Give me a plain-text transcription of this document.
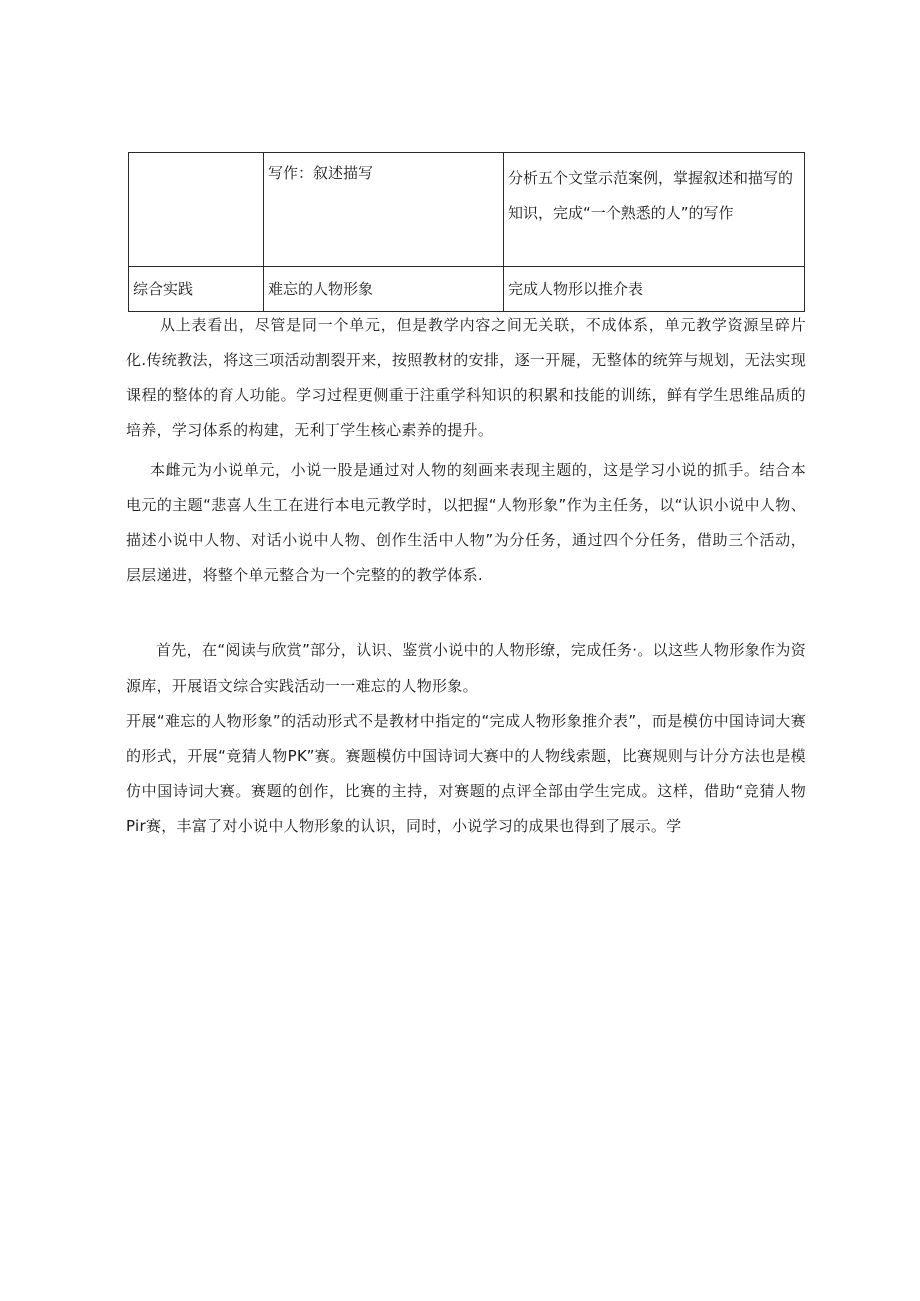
	写作：叙述描写	分析五个文堂示范案例，掌握叙述和描写的知识，完成“一个熟悉的人”的写作
综合实践	难忘的人物形象	完成人物形以推介表

从上表看出，尽管是同一个单元，但是教学内容之间无关联，不成体系，单元教学资源呈碎片化.传统教法，将这三项活动割裂开来，按照教材的安排，逐一开屣，无整体的统笄与规划，无法实现课程的整体的育人功能。学习过程更侧重于注重学科知识的积累和技能的训练，鲜有学生思维品质的培养，学习体系的构建，无利丁学生核心素养的提升。

本雌元为小说单元，小说一股是通过对人物的刻画来表现主题的，这是学习小说的抓手。结合本电元的主题“悲喜人生工在进行本电元教学时，以把握“人物形象”作为主任务，以“认识小说中人物、描述小说中人物、对话小说中人物、创作生活中人物”为分任务，通过四个分任务，借助三个活动，层层递进，将整个单元整合为一个完整的的教学体系.

首先，在“阅读与欣赏”部分，认识、鉴赏小说中的人物形缭，完成任务·。以这些人物形象作为资源库，开展语文综合实践活动一一难忘的人物形象。

开展“难忘的人物形象”的活动形式不是教材中指定的“完成人物形象推介表”，而是模仿中国诗词大赛的形式，开展“竟猜人物PK”赛。赛题模仿中国诗词大赛中的人物线索题，比赛规则与计分方法也是模仿中国诗词大赛。赛题的创作，比赛的主持，对赛题的点评全部由学生完成。这样，借助“竞猜人物Pir赛，丰富了对小说中人物形象的认识，同时，小说学习的成果也得到了展示。学
